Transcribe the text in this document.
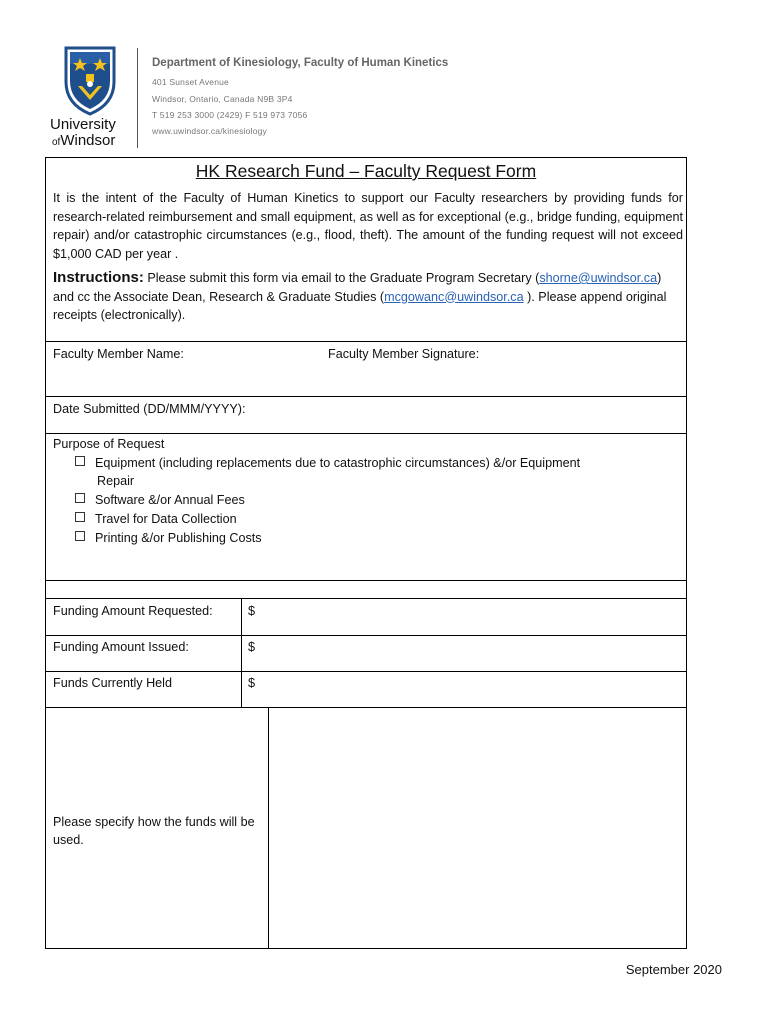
University
ofWindsor
Department of Kinesiology, Faculty of Human Kinetics
401 Sunset Avenue
Windsor, Ontario, Canada N9B 3P4
T 519 253 3000 (2429) F 519 973 7056
www.uwindsor.ca/kinesiology
HK Research Fund – Faculty Request Form
It is the intent of the Faculty of Human Kinetics to support our Faculty researchers by providing funds for research-related reimbursement and small equipment, as well as for exceptional (e.g., bridge funding, equipment repair) and/or catastrophic circumstances (e.g., flood, theft). The amount of the funding request will not exceed $1,000 CAD per year .
Instructions: Please submit this form via email to the Graduate Program Secretary (shorne@uwindsor.ca) and cc the Associate Dean, Research & Graduate Studies (mcgowanc@uwindsor.ca ). Please append original receipts (electronically).
Faculty Member Name:	Faculty Member Signature:
Date Submitted (DD/MMM/YYYY):
Purpose of Request
Equipment (including replacements due to catastrophic circumstances) &/or Equipment
Repair
Software &/or Annual Fees
Travel for Data Collection
Printing &/or Publishing Costs
Funding Amount Requested:	$
Funding Amount Issued:	$
Funds Currently Held	$
Please specify how the funds will be used.
September 2020
